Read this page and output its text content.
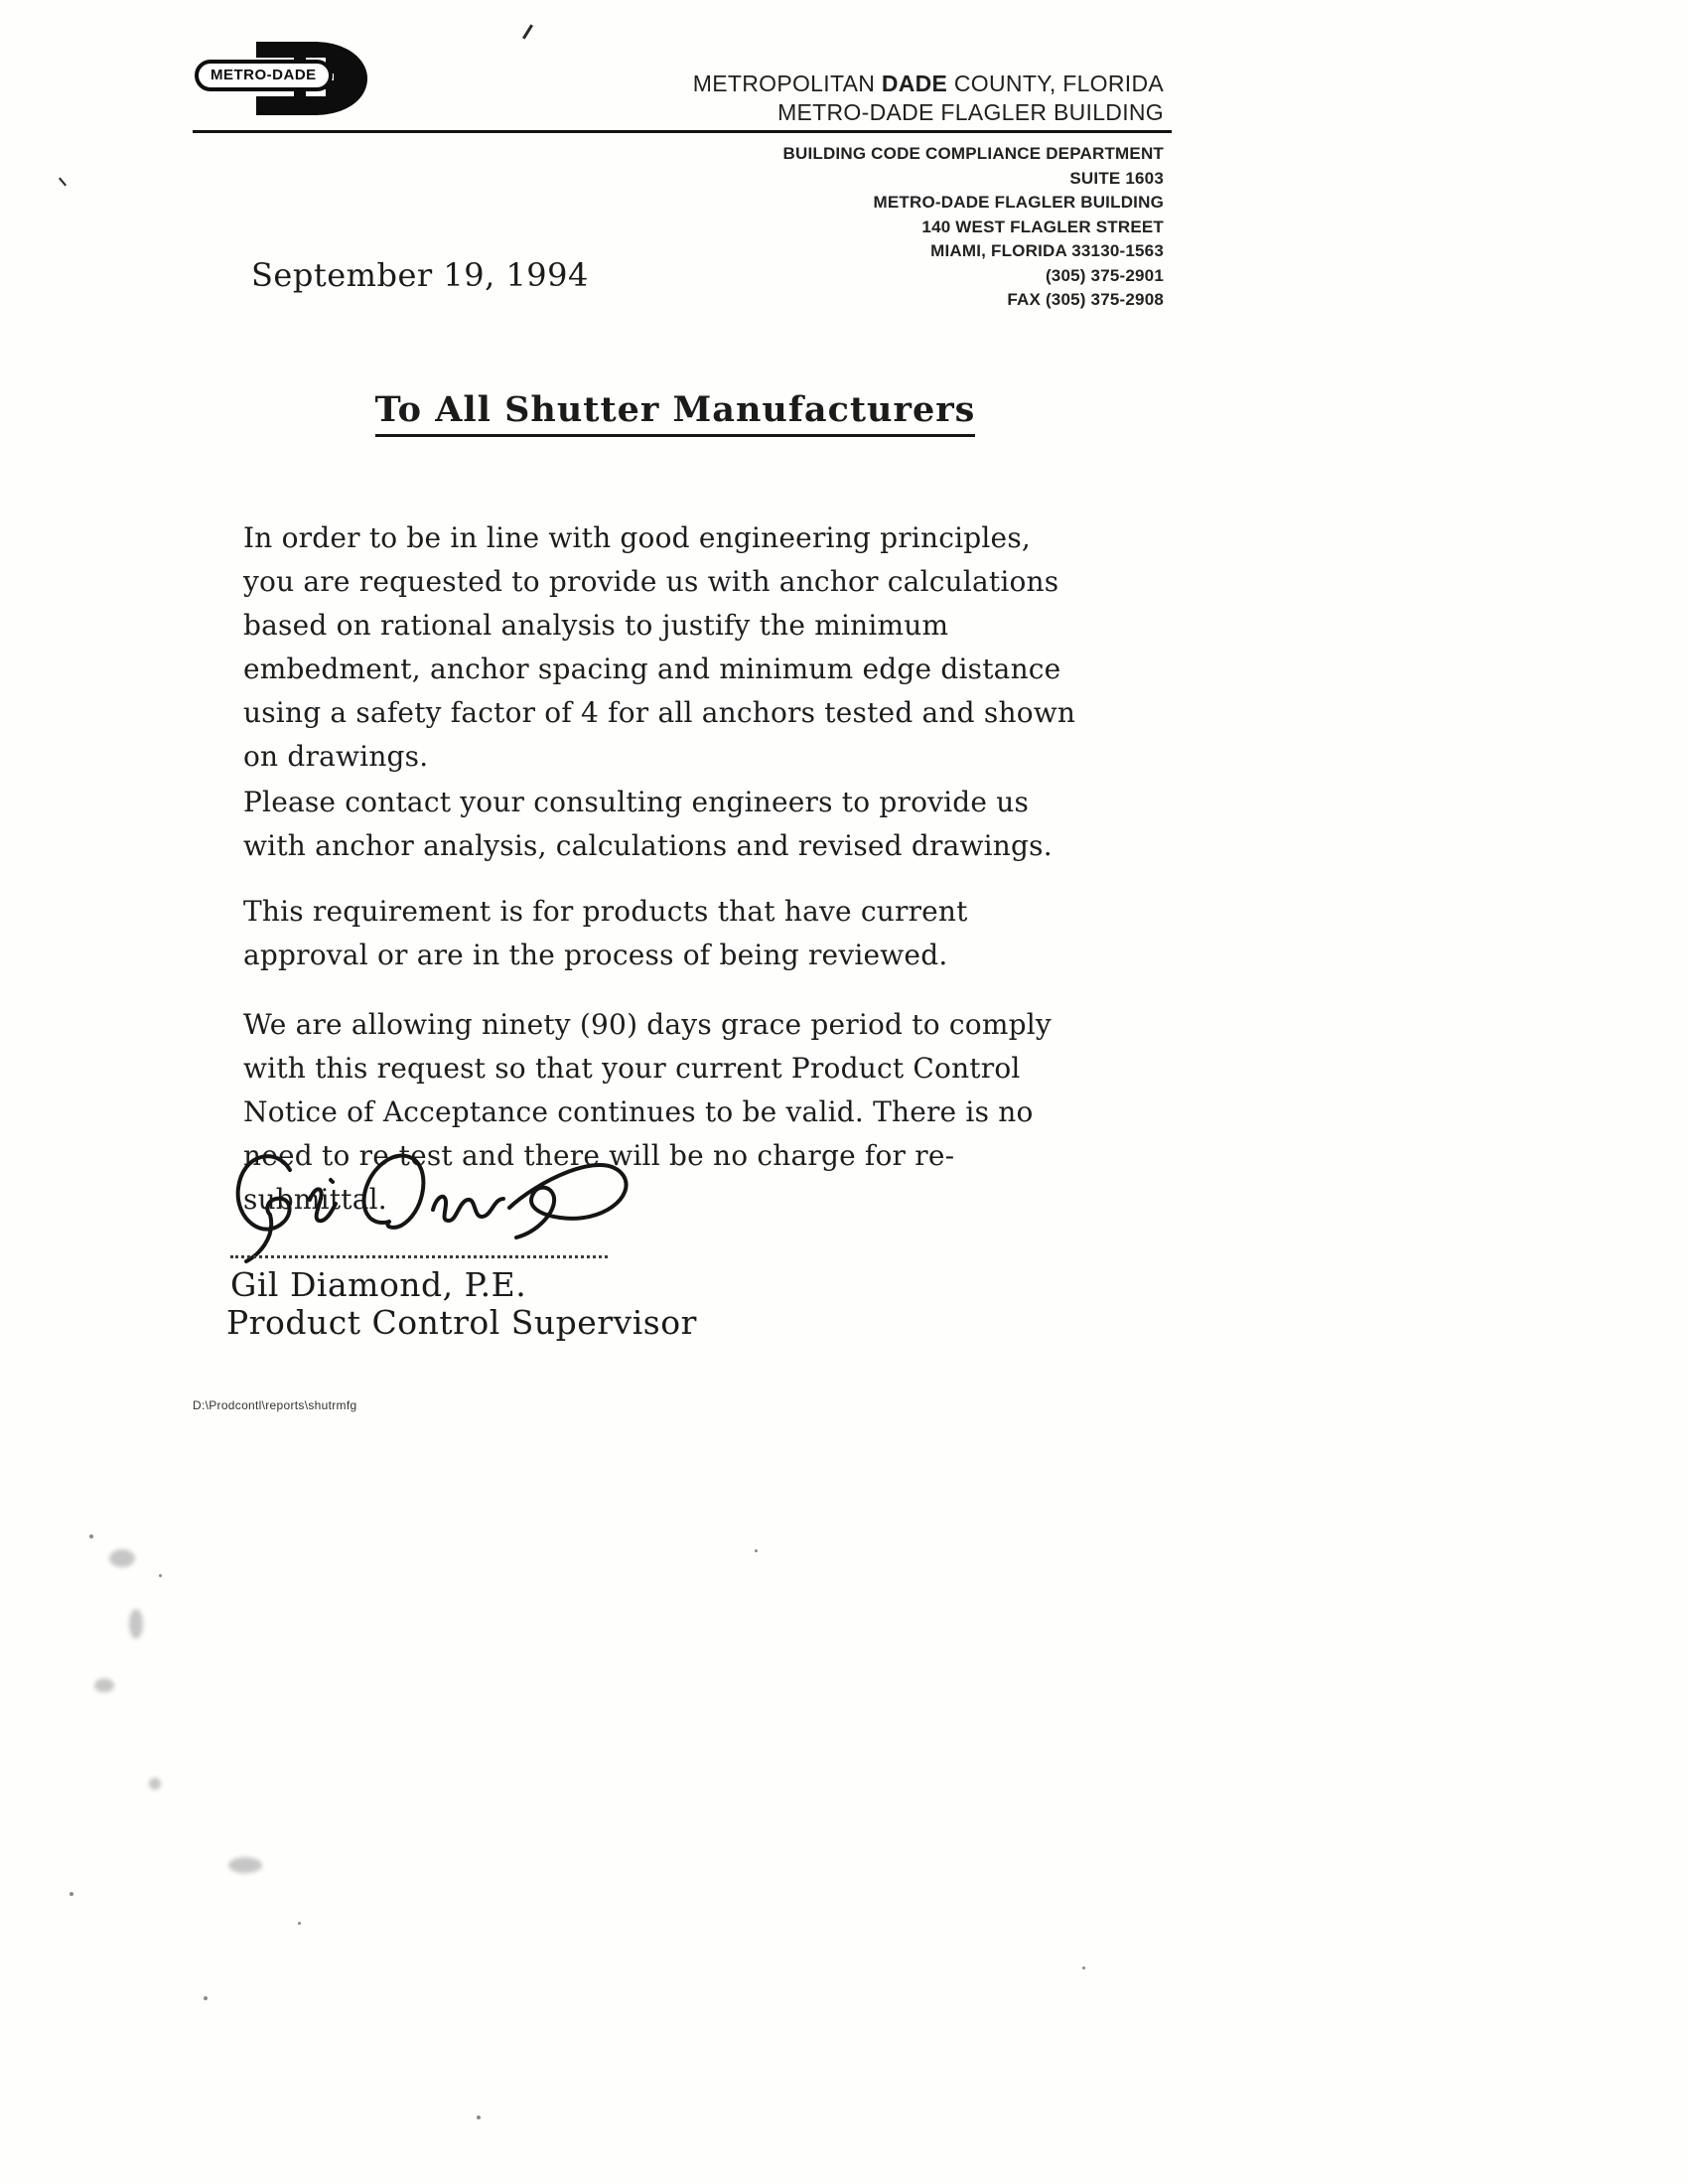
METRO-DADE	METROPOLITAN DADE COUNTY, FLORIDA
METRO-DADE FLAGLER BUILDING
BUILDING CODE COMPLIANCE DEPARTMENT
SUITE 1603
METRO-DADE FLAGLER BUILDING
140 WEST FLAGLER STREET
MIAMI, FLORIDA 33130-1563
(305) 375-2901
FAX (305) 375-2908
September 19, 1994
To All Shutter Manufacturers

In order to be in line with good engineering principles, you are requested to provide us with anchor calculations based on rational analysis to justify the minimum embedment, anchor spacing and minimum edge distance using a safety factor of 4 for all anchors tested and shown on drawings.

Please contact your consulting engineers to provide us with anchor analysis, calculations and revised drawings.

This requirement is for products that have current approval or are in the process of being reviewed.

We are allowing ninety (90) days grace period to comply with this request so that your current Product Control Notice of Acceptance continues to be valid. There is no need to re-test and there will be no charge for re-submittal.

Gil Diamond, P.E.
Product Control Supervisor
D:\Prodcontl\reports\shutrmfg
